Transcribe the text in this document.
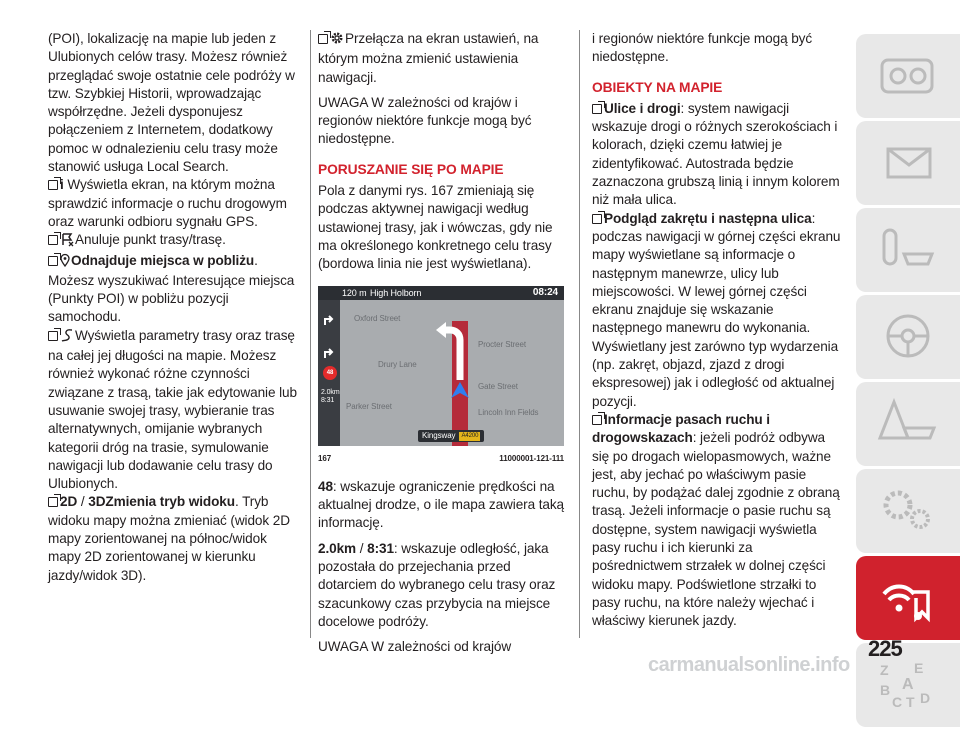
(POI), lokalizację na mapie lub jeden z Ulubionych celów trasy. Możesz również przeglądać swoje ostatnie cele podróży w tzw. Szybkiej Historii, wprowadzając współrzędne. Jeżeli dysponujesz połączeniem z Internetem, dodatkowy pomoc w odnalezieniu celu trasy może stanowić usługa Local Search.

i Wyświetla ekran, na którym można sprawdzić informacje o ruchu drogowym oraz warunki odbioru sygnału GPS.

Anuluje punkt trasy/trasę.

Odnajduje miejsca w pobliżu. Możesz wyszukiwać Interesujące miejsca (Punkty POI) w pobliżu pozycji samochodu.

Wyświetla parametry trasy oraz trasę na całej jej długości na mapie. Możesz również wykonać różne czynności związane z trasą, takie jak edytowanie lub usuwanie swojej trasy, wybieranie tras alternatywnych, omijanie wybranych kategorii dróg na trasie, symulowanie nawigacji lub dodawanie celu trasy do Ulubionych.

2D / 3DZmienia tryb widoku. Tryb widoku mapy można zmieniać (widok 2D mapy zorientowanej na północ/widok mapy 2D zorientowanej w kierunku jazdy/widok 3D).

Przełącza na ekran ustawień, na którym można zmienić ustawienia nawigacji.

UWAGA W zależności od krajów i regionów niektóre funkcje mogą być niedostępne.

PORUSZANIE SIĘ PO MAPIE

Pola z danymi rys. 167 zmieniają się podczas aktywnej nawigacji według ustawionej trasy, jak i wówczas, gdy nie ma określonego konkretnego celu trasy (bordowa linia nie jest wyświetlana).

120 m High Holborn	08:24
48
2.0km
8:31
Oxford Street
Procter Street
Gate Street
Parker Street
Lincoln Inn Fields
Drury Lane
Kingsway A4200
167	11000001-121-111

48: wskazuje ograniczenie prędkości na aktualnej drodze, o ile mapa zawiera taką informację.

2.0km / 8:31: wskazuje odległość, jaka pozostała do przejechania przed dotarciem do wybranego celu trasy oraz szacunkowy czas przybycia na miejsce docelowe podróży.

UWAGA W zależności od krajów

i regionów niektóre funkcje mogą być niedostępne.

OBIEKTY NA MAPIE

Ulice i drogi: system nawigacji wskazuje drogi o różnych szerokościach i kolorach, dzięki czemu łatwiej je zidentyfikować. Autostrada będzie zaznaczona grubszą linią i innym kolorem niż mała ulica.

Podgląd zakrętu i następna ulica: podczas nawigacji w górnej części ekranu mapy wyświetlane są informacje o następnym manewrze, ulicy lub miejscowości. W lewej górnej części ekranu znajduje się wskazanie następnego manewru do wykonania. Wyświetlany jest zarówno typ wydarzenia (np. zakręt, objazd, zjazd z drogi ekspresowej) jak i odległość od aktualnej pozycji.

Informacje pasach ruchu i drogowskazach: jeżeli podróż odbywa się po drogach wielopasmowych, ważne jest, aby jechać po właściwym pasie ruchu, by podążać dalej zgodnie z obraną trasą. Jeżeli informacje o pasie ruchu są dostępne, system nawigacji wyświetla pasy ruchu i ich kierunki za pośrednictwem strzałek w dolnej części widoku mapy. Podświetlone strzałki to pasy ruchu, na które należy wjechać i właściwy kierunek jazdy.

Z E
B A
C T D
225
carmanualsonline.info
